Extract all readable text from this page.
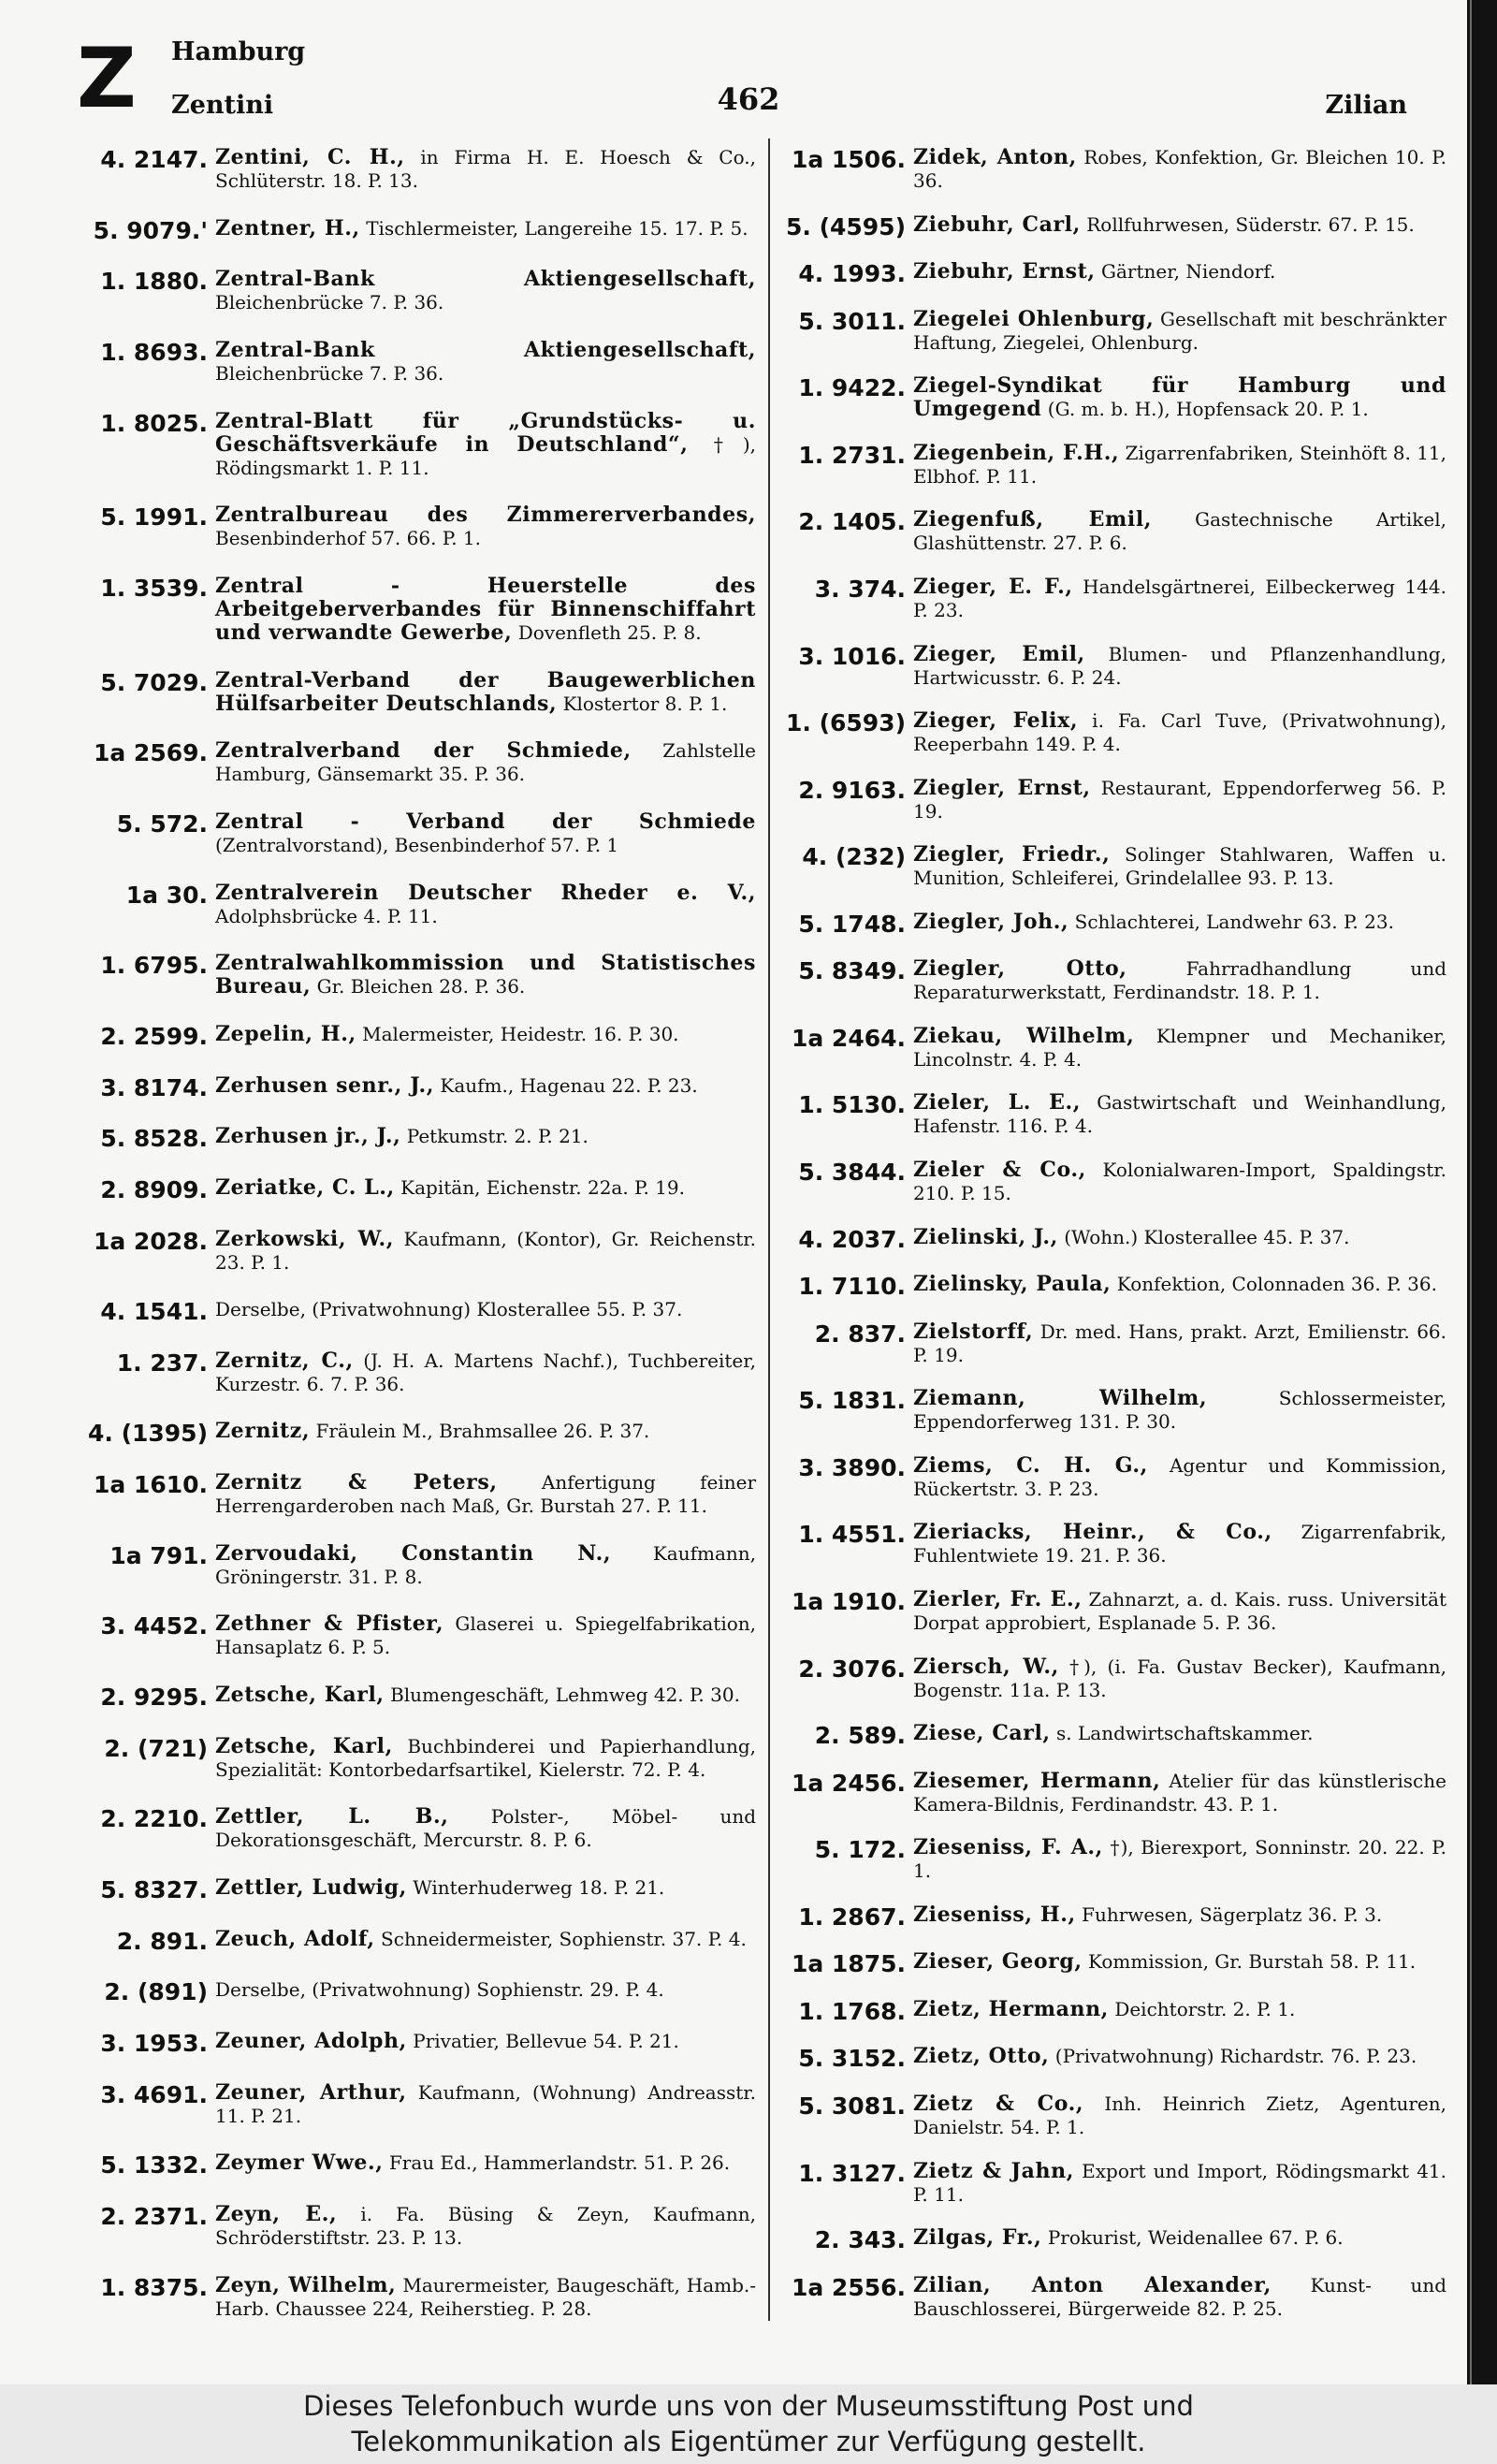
Z Hamburg
Zentini	462	Zilian
4. 2147. Zentini, C. H., in Firma H. E. Hoesch & Co., Schlüterstr. 18. P. 13.
5. 9079.' Zentner, H., Tischlermeister, Langereihe 15. 17. P. 5.
1. 1880. Zentral-Bank Aktiengesellschaft, Bleichenbrücke 7. P. 36.
1. 8693. Zentral-Bank Aktiengesellschaft, Bleichenbrücke 7. P. 36.
1. 8025. Zentral-Blatt für „Grundstücks- u. Geschäftsverkäufe in Deutschland“, †), Rödingsmarkt 1. P. 11.
5. 1991. Zentralbureau des Zimmererverbandes, Besenbinderhof 57. 66. P. 1.
1. 3539. Zentral - Heuerstelle des Arbeitgeberverbandes für Binnenschiffahrt und verwandte Gewerbe, Dovenfleth 25. P. 8.
5. 7029. Zentral-Verband der Baugewerblichen Hülfsarbeiter Deutschlands, Klostertor 8. P. 1.
1a 2569. Zentralverband der Schmiede, Zahlstelle Hamburg, Gänsemarkt 35. P. 36.
5. 572. Zentral - Verband der Schmiede (Zentralvorstand), Besenbinderhof 57. P. 1
1a 30. Zentralverein Deutscher Rheder e. V., Adolphsbrücke 4. P. 11.
1. 6795. Zentralwahlkommission und Statistisches Bureau, Gr. Bleichen 28. P. 36.
2. 2599. Zepelin, H., Malermeister, Heidestr. 16. P. 30.
3. 8174. Zerhusen senr., J., Kaufm., Hagenau 22. P. 23.
5. 8528. Zerhusen jr., J., Petkumstr. 2. P. 21.
2. 8909. Zeriatke, C. L., Kapitän, Eichenstr. 22a. P. 19.
1a 2028. Zerkowski, W., Kaufmann, (Kontor), Gr. Reichenstr. 23. P. 1.
4. 1541. Derselbe, (Privatwohnung) Klosterallee 55. P. 37.
1. 237. Zernitz, C., (J. H. A. Martens Nachf.), Tuchbereiter, Kurzestr. 6. 7. P. 36.
4. (1395) Zernitz, Fräulein M., Brahmsallee 26. P. 37.
1a 1610. Zernitz & Peters, Anfertigung feiner Herrengarderoben nach Maß, Gr. Burstah 27. P. 11.
1a 791. Zervoudaki, Constantin N., Kaufmann, Gröningerstr. 31. P. 8.
3. 4452. Zethner & Pfister, Glaserei u. Spiegelfabrikation, Hansaplatz 6. P. 5.
2. 9295. Zetsche, Karl, Blumengeschäft, Lehmweg 42. P. 30.
2. (721) Zetsche, Karl, Buchbinderei und Papierhandlung, Spezialität: Kontorbedarfsartikel, Kielerstr. 72. P. 4.
2. 2210. Zettler, L. B., Polster-, Möbel- und Dekorationsgeschäft, Mercurstr. 8. P. 6.
5. 8327. Zettler, Ludwig, Winterhuderweg 18. P. 21.
2. 891. Zeuch, Adolf, Schneidermeister, Sophienstr. 37. P. 4.
2. (891) Derselbe, (Privatwohnung) Sophienstr. 29. P. 4.
3. 1953. Zeuner, Adolph, Privatier, Bellevue 54. P. 21.
3. 4691. Zeuner, Arthur, Kaufmann, (Wohnung) Andreasstr. 11. P. 21.
5. 1332. Zeymer Wwe., Frau Ed., Hammerlandstr. 51. P. 26.
2. 2371. Zeyn, E., i. Fa. Büsing & Zeyn, Kaufmann, Schröderstiftstr. 23. P. 13.
1. 8375. Zeyn, Wilhelm, Maurermeister, Baugeschäft, Hamb.-Harb. Chaussee 224, Reiherstieg. P. 28.
1a 1506. Zidek, Anton, Robes, Konfektion, Gr. Bleichen 10. P. 36.
5. (4595) Ziebuhr, Carl, Rollfuhrwesen, Süderstr. 67. P. 15.
4. 1993. Ziebuhr, Ernst, Gärtner, Niendorf.
5. 3011. Ziegelei Ohlenburg, Gesellschaft mit beschränkter Haftung, Ziegelei, Ohlenburg.
1. 9422. Ziegel-Syndikat für Hamburg und Umgegend (G. m. b. H.), Hopfensack 20. P. 1.
1. 2731. Ziegenbein, F.H., Zigarrenfabriken, Steinhöft 8. 11, Elbhof. P. 11.
2. 1405. Ziegenfuß, Emil, Gastechnische Artikel, Glashüttenstr. 27. P. 6.
3. 374. Zieger, E. F., Handelsgärtnerei, Eilbeckerweg 144. P. 23.
3. 1016. Zieger, Emil, Blumen- und Pflanzenhandlung, Hartwicusstr. 6. P. 24.
1. (6593) Zieger, Felix, i. Fa. Carl Tuve, (Privatwohnung), Reeperbahn 149. P. 4.
2. 9163. Ziegler, Ernst, Restaurant, Eppendorferweg 56. P. 19.
4. (232) Ziegler, Friedr., Solinger Stahlwaren, Waffen u. Munition, Schleiferei, Grindelallee 93. P. 13.
5. 1748. Ziegler, Joh., Schlachterei, Landwehr 63. P. 23.
5. 8349. Ziegler, Otto,	Fahrradhandlung und Reparaturwerkstatt, Ferdinandstr. 18. P. 1.
1a 2464. Ziekau, Wilhelm, Klempner und Mechaniker, Lincolnstr. 4. P. 4.
1. 5130. Zieler, L. E., Gastwirtschaft und Weinhandlung, Hafenstr. 116. P. 4.
5. 3844. Zieler & Co., Kolonialwaren-Import, Spaldingstr. 210. P. 15.
4. 2037. Zielinski, J., (Wohn.) Klosterallee 45. P. 37.
1. 7110. Zielinsky, Paula, Konfektion, Colonnaden 36. P. 36.
2. 837. Zielstorff, Dr. med. Hans, prakt. Arzt, Emilienstr. 66. P. 19.
5. 1831. Ziemann, Wilhelm,	Schlossermeister, Eppendorferweg 131. P. 30.
3. 3890. Ziems, C. H. G., Agentur und Kommission, Rückertstr. 3. P. 23.
1. 4551. Zieriacks, Heinr., & Co., Zigarrenfabrik, Fuhlentwiete 19. 21. P. 36.
1a 1910. Zierler, Fr. E., Zahnarzt, a. d. Kais. russ. Universität Dorpat approbiert, Esplanade 5. P. 36.
2. 3076. Ziersch, W., †), (i. Fa. Gustav Becker), Kaufmann, Bogenstr. 11a. P. 13.
2. 589. Ziese, Carl, s. Landwirtschaftskammer.
1a 2456. Ziesemer, Hermann, Atelier für das künstlerische Kamera-Bildnis, Ferdinandstr. 43. P. 1.
5. 172. Zieseniss, F. A., †), Bierexport, Sonninstr. 20. 22. P. 1.
1. 2867. Zieseniss, H., Fuhrwesen, Sägerplatz 36. P. 3.
1a 1875. Zieser, Georg, Kommission, Gr. Burstah 58. P. 11.
1. 1768. Zietz, Hermann, Deichtorstr. 2. P. 1.
5. 3152. Zietz, Otto, (Privatwohnung) Richardstr. 76. P. 23.
5. 3081. Zietz & Co., Inh. Heinrich Zietz, Agenturen, Danielstr. 54. P. 1.
1. 3127. Zietz & Jahn, Export und Import, Rödingsmarkt 41. P. 11.
2. 343. Zilgas, Fr., Prokurist, Weidenallee 67. P. 6.
1a 2556. Zilian, Anton Alexander, Kunst- und Bauschlosserei, Bürgerweide 82. P. 25.
Dieses Telefonbuch wurde uns von der Museumsstiftung Post und
Telekommunikation als Eigentümer zur Verfügung gestellt.
